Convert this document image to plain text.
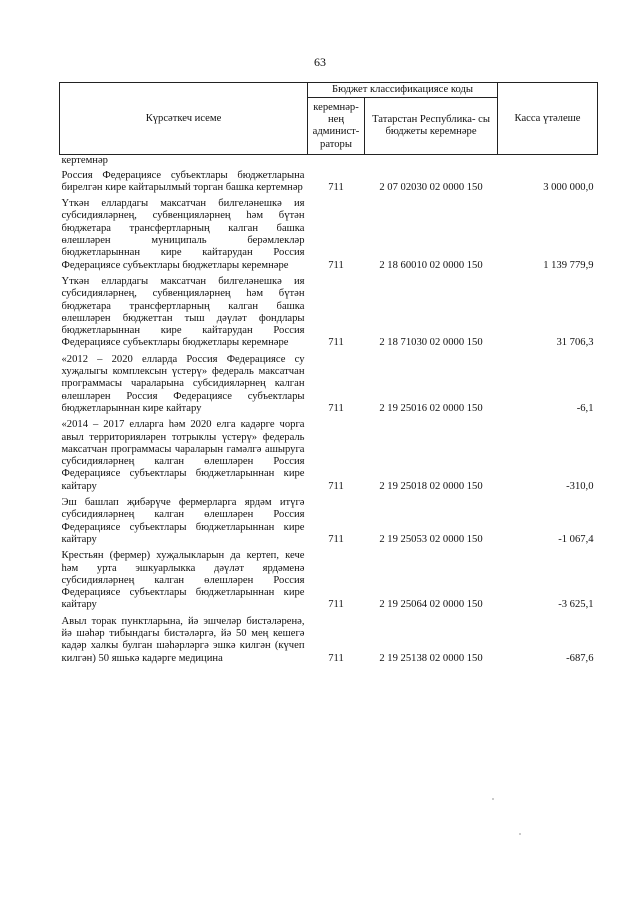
63
Күрсәткеч исеме	Бюджет классификациясе коды		Касса үтәлеше
	керемнәр- нең админист- раторы	Татарстан Республика- сы бюджеты керемнәре	
кертемнәр			
Россия Федерациясе субъектлары бюджетларына бирелгән кире кайтарылмый торган башка кертемнәр	711	2 07 02030 02 0000 150	3 000 000,0
Үткән еллардагы максатчан билгеләнешкә ия субсидияләрнең, субвенцияләрнең һәм бүтән бюджетара трансфертларның калган башка өлешләрен муниципаль берәмлекләр бюджетларыннан кире кайтарудан Россия Федерациясе субъектлары бюджетлары керемнәре	711	2 18 60010 02 0000 150	1 139 779,9
Үткән еллардагы максатчан билгеләнешкә ия субсидияләрнең, субвенцияләрнең һәм бүтән бюджетара трансфертларның калган башка өлешләрен бюджеттан тыш дәүләт фондлары бюджетларыннан кире кайтарудан Россия Федерациясе субъектлары бюджетлары керемнәре	711	2 18 71030 02 0000 150	31 706,3
«2012 – 2020 елларда Россия Федерациясе су хуҗалыгы комплексын үстерү» федераль максатчан программасы чараларына субсидияләрнең калган өлешләрен Россия Федерациясе субъектлары бюджетларыннан кире кайтару	711	2 19 25016 02 0000 150	-6,1
«2014 – 2017 елларга һәм 2020 елга кадәрге чорга авыл территорияләрен тотрыклы үстерү» федераль максатчан программасы чараларын гамәлгә ашыруга субсидияләрнең калган өлешләрен Россия Федерациясе субъектлары бюджетларыннан кире кайтару	711	2 19 25018 02 0000 150	-310,0
Эш башлап җибәрүче фермерларга ярдәм итүгә субсидияләрнең калган өлешләрен Россия Федерациясе субъектлары бюджетларыннан кире кайтару	711	2 19 25053 02 0000 150	-1 067,4
Крестьян (фермер) хуҗалыкларын да кертеп, кече һәм урта эшкуарлыкка дәүләт ярдәменә субсидияләрнең калган өлешләрен Россия Федерациясе субъектлары бюджетларыннан кире кайтару	711	2 19 25064 02 0000 150	-3 625,1
Авыл торак пунктларына, йә эшчеләр бистәләренә, йә шәһәр тибындагы бистәләргә, йә 50 мең кешегә кадәр халкы булган шәһәрләргә эшкә килгән (күчеп килгән) 50 яшькә кадәрге медицина	711	2 19 25138 02 0000 150	-687,6
